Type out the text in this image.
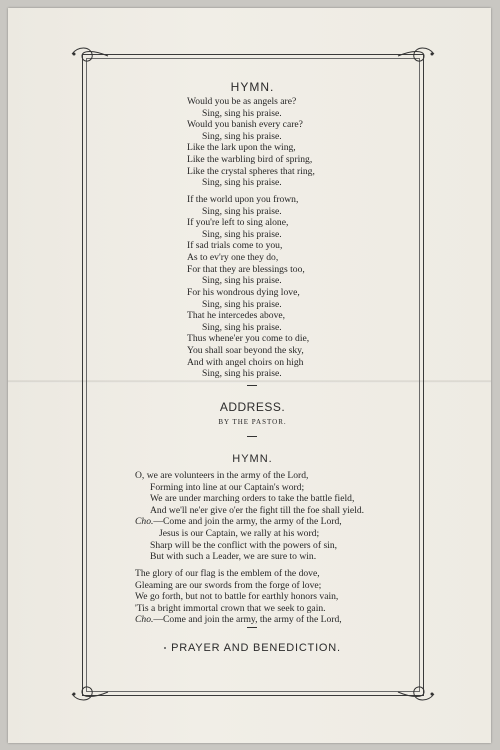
HYMN.
Would you be as angels are?
Sing, sing his praise.
Would you banish every care?
Sing, sing his praise.
Like the lark upon the wing,
Like the warbling bird of spring,
Like the crystal spheres that ring,
Sing, sing his praise.
If the world upon you frown,
Sing, sing his praise.
If you're left to sing alone,
Sing, sing his praise.
If sad trials come to you,
As to ev'ry one they do,
For that they are blessings too,
Sing, sing his praise.
For his wondrous dying love,
Sing, sing his praise.
That he intercedes above,
Sing, sing his praise.
Thus whene'er you come to die,
You shall soar beyond the sky,
And with angel choirs on high
Sing, sing his praise.
ADDRESS.
BY THE PASTOR.
HYMN.
O, we are volunteers in the army of the Lord,
Forming into line at our Captain's word;
We are under marching orders to take the battle field,
And we'll ne'er give o'er the fight till the foe shall yield.
Cho.—Come and join the army, the army of the Lord,
Jesus is our Captain, we rally at his word;
Sharp will be the conflict with the powers of sin,
But with such a Leader, we are sure to win.
The glory of our flag is the emblem of the dove,
Gleaming are our swords from the forge of love;
We go forth, but not to battle for earthly honors vain,
'Tis a bright immortal crown that we seek to gain.
Cho.—Come and join the army, the army of the Lord,
PRAYER AND BENEDICTION.
